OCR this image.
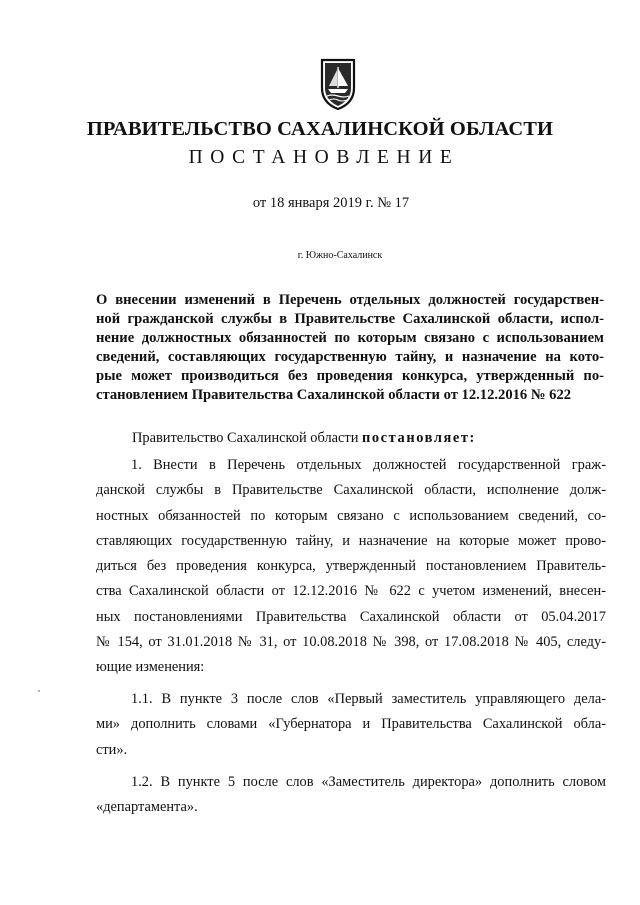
ПРАВИТЕЛЬСТВО САХАЛИНСКОЙ ОБЛАСТИ
ПОСТАНОВЛЕНИЕ
от 18 января 2019 г. № 17
г. Южно-Сахалинск
О внесении изменений в Перечень отдельных должностей государствен-
ной гражданской службы в Правительстве Сахалинской области, испол-
нение должностных обязанностей по которым связано с использованием
сведений, составляющих государственную тайну, и назначение на кото-
рые может производиться без проведения конкурса, утвержденный по-
становлением Правительства Сахалинской области от 12.12.2016 № 622
Правительство Сахалинской области постановляет:
1. Внести в Перечень отдельных должностей государственной граж-
данской службы в Правительстве Сахалинской области, исполнение долж-
ностных обязанностей по которым связано с использованием сведений, со-
ставляющих государственную тайну, и назначение на которые может прово-
диться без проведения конкурса, утвержденный постановлением Правитель-
ства Сахалинской области от 12.12.2016 № 622 с учетом изменений, внесен-
ных постановлениями Правительства Сахалинской области от 05.04.2017
№ 154, от 31.01.2018 № 31, от 10.08.2018 № 398, от 17.08.2018 № 405, следу-
ющие изменения:
1.1. В пункте 3 после слов «Первый заместитель управляющего дела-
ми» дополнить словами «Губернатора и Правительства Сахалинской обла-
сти».
1.2. В пункте 5 после слов «Заместитель директора» дополнить словом
«департамента».
